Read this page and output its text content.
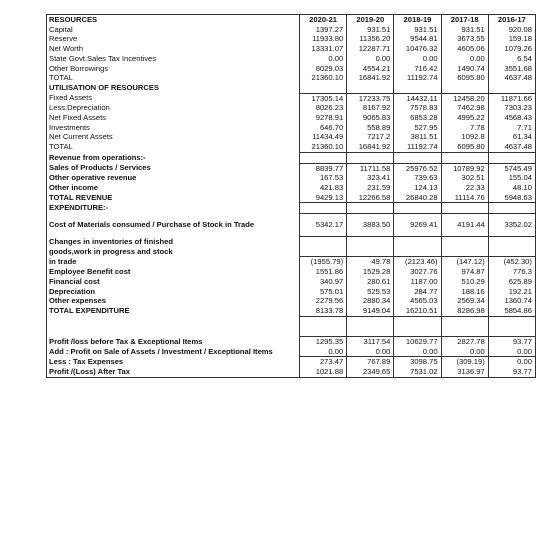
RESOURCES	2020-21	2019-20	2018-19	2017-18	2016-17
Capital	1397.27	931.51	931.51	931.51	920.08
Reserve	11933.80	11356.20	9544.81	3673.55	159.18
Net Worth	13331.07	12287.71	10476.32	4605.06	1079.26
State Govt.Sales Tax Incentives	0.00	0.00	0.00	0.00	6.54
Other Borrowings	8029.03	4554.21	716.42	1490.74	3551.68
TOTAL	21360.10	16841.92	11192.74	6095.80	4637.48
UTILISATION OF RESOURCES					
Fixed Assets	17305.14	17233.75	14432.11	12458.20	11871.66
Less:Depreciation	8026.23	8167.92	7578.83	7462.98	7303.23
Net Fixed Assets	9278.91	9065.83	6853.28	4995.22	4568.43
Investments	646.70	558.89	527.95	7.78	7.71
Net Current Assets	11434.49	7217.2	3811.51	1092.8	61.34
TOTAL	21360.10	16841.92	11192.74	6095.80	4637.48
Revenue from operations:-					
Sales of Products / Services	8839.77	11711.58	25976.52	10789.92	5745.49
Other operative revenue	167.53	323.41	739.63	302.51	155.04
Other income	421.83	231.59	124.13	22.33	48.10
TOTAL REVENUE	9429.13	12266.58	26840.28	11114.76	5948.63
EXPENDITURE:-					
Cost of Materials consumed / Purchase of Stock in Trade	5342.17	3883.50	9269.41	4191.44	3352.02
Changes in inventories of finished					
goods,work in progress and stock					
in trade	(1955.79)	49.78	(2123.46)	(147.12)	(452.30)
Employee Benefit cost	1551.86	1529.28	3027.76	974.87	776.3
Financial cost	340.97	280.61	1187.00	510.29	625.89
Depreciation	575.01	525.53	284.77	188.16	192.21
Other expenses	2279.56	2880.34	4565.03	2569.34	1360.74
TOTAL EXPENDITURE	8133.78	9149.04	16210.51	8286.98	5854.86

Profit /loss before Tax & Exceptional Items	1295.35	3117.54	10629.77	2827.78	93.77
Add : Profit on Sale of Assets / Investment / Exceptional Items	0.00	0.00	0.00	0.00	0.00
Less : Tax Expenses	273.47	767.89	3098.75	(309.19)	0.00
Profit /(Loss) After Tax	1021.88	2349.65	7531.02	3136.97	93.77
